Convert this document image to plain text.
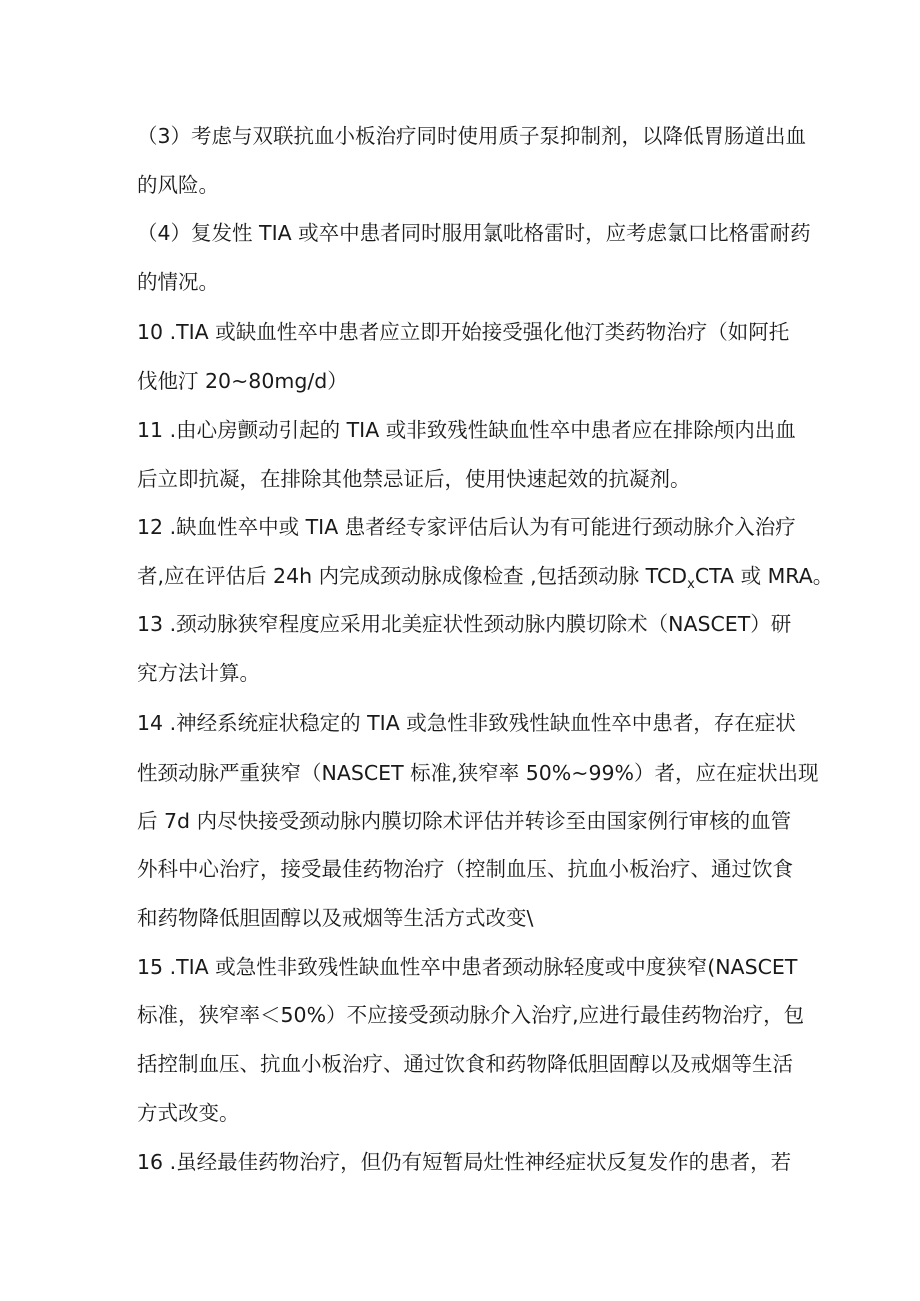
（3）考虑与双联抗血小板治疗同时使用质子泵抑制剂，以降低胃肠道出血
的风险。
（4）复发性 TIA 或卒中患者同时服用氯吡格雷时，应考虑氯口比格雷耐药
的情况。
10 .TIA 或缺血性卒中患者应立即开始接受强化他汀类药物治疗（如阿托
伐他汀 20~80mg/d）
11 .由心房颤动引起的 TIA 或非致残性缺血性卒中患者应在排除颅内出血
后立即抗凝，在排除其他禁忌证后，使用快速起效的抗凝剂。
12 .缺血性卒中或 TIA 患者经专家评估后认为有可能进行颈动脉介入治疗
者,应在评估后 24h 内完成颈动脉成像检查 ,包括颈动脉 $TCD_xCTA$ 或 MRA。
13 .颈动脉狭窄程度应采用北美症状性颈动脉内膜切除术（NASCET）研
究方法计算。
14 .神经系统症状稳定的 TIA 或急性非致残性缺血性卒中患者，存在症状
性颈动脉严重狭窄（NASCET 标准,狭窄率 50%~99%）者，应在症状出现
后 7d 内尽快接受颈动脉内膜切除术评估并转诊至由国家例行审核的血管
外科中心治疗，接受最佳药物治疗（控制血压、抗血小板治疗、通过饮食
和药物降低胆固醇以及戒烟等生活方式改变\
15 .TIA 或急性非致残性缺血性卒中患者颈动脉轻度或中度狭窄(NASCET
标准，狭窄率＜50%）不应接受颈动脉介入治疗,应进行最佳药物治疗，包
括控制血压、抗血小板治疗、通过饮食和药物降低胆固醇以及戒烟等生活
方式改变。
16 .虽经最佳药物治疗，但仍有短暂局灶性神经症状反复发作的患者，若
